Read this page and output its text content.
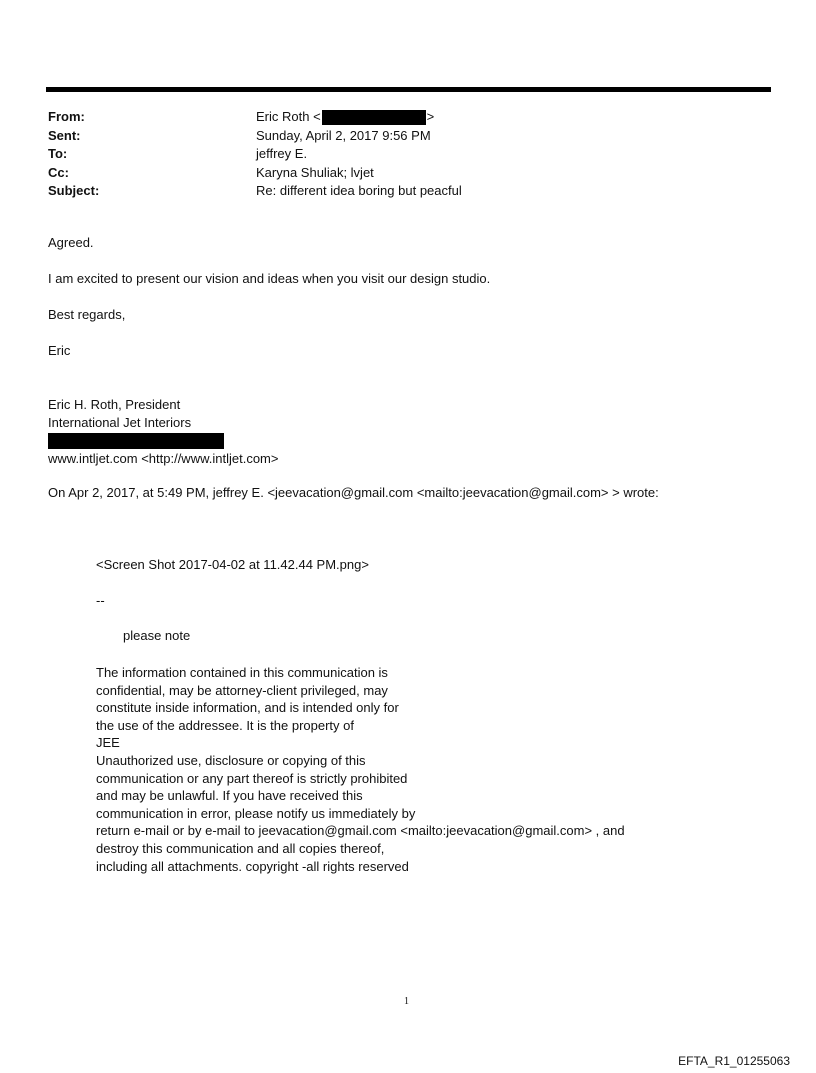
From:	Eric Roth <	>
Sent:	Sunday, April 2, 2017 9:56 PM
To:	jeffrey E.
Cc:	Karyna Shuliak; lvjet
Subject:	Re: different idea boring but peacful
Agreed.
I am excited to present our vision and ideas when you visit our design studio.
Best regards,
Eric
Eric H. Roth, President
International Jet Interiors
www.intljet.com <http://www.intljet.com>
On Apr 2, 2017, at 5:49 PM, jeffrey E. <jeevacation@gmail.com <mailto:jeevacation@gmail.com> > wrote:
<Screen Shot 2017-04-02 at 11.42.44 PM.png>
--
please note
The information contained in this communication is
confidential, may be attorney-client privileged, may
constitute inside information, and is intended only for
the use of the addressee. It is the property of
JEE
Unauthorized use, disclosure or copying of this
communication or any part thereof is strictly prohibited
and may be unlawful. If you have received this
communication in error, please notify us immediately by
return e-mail or by e-mail to jeevacation@gmail.com <mailto:jeevacation@gmail.com> , and
destroy this communication and all copies thereof,
including all attachments. copyright -all rights reserved
1
EFTA_R1_01255063
